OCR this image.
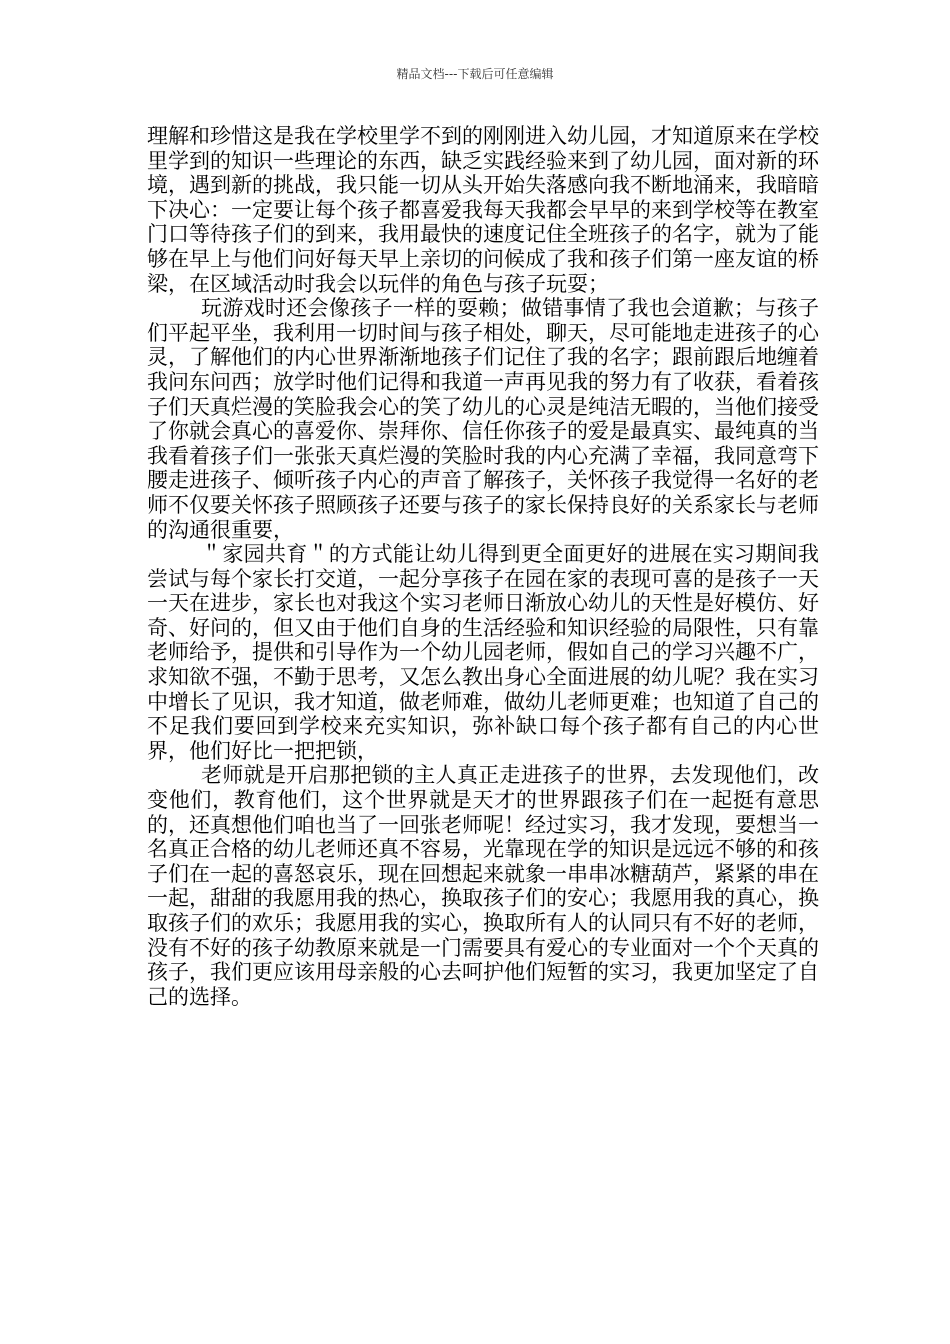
精品文档---下载后可任意编辑

理解和珍惜这是我在学校里学不到的刚刚进入幼儿园，才知道原来在学校里学到的知识一些理论的东西，缺乏实践经验来到了幼儿园，面对新的环境，遇到新的挑战，我只能一切从头开始失落感向我不断地涌来，我暗暗下决心：一定要让每个孩子都喜爱我每天我都会早早的来到学校等在教室门口等待孩子们的到来，我用最快的速度记住全班孩子的名字，就为了能够在早上与他们问好每天早上亲切的问候成了我和孩子们第一座友谊的桥梁，在区域活动时我会以玩伴的角色与孩子玩耍；

玩游戏时还会像孩子一样的耍赖；做错事情了我也会道歉；与孩子们平起平坐，我利用一切时间与孩子相处，聊天，尽可能地走进孩子的心灵，了解他们的内心世界渐渐地孩子们记住了我的名字；跟前跟后地缠着我问东问西；放学时他们记得和我道一声再见我的努力有了收获，看着孩子们天真烂漫的笑脸我会心的笑了幼儿的心灵是纯洁无暇的，当他们接受了你就会真心的喜爱你、崇拜你、信任你孩子的爱是最真实、最纯真的当我看着孩子们一张张天真烂漫的笑脸时我的内心充满了幸福，我同意弯下腰走进孩子、倾听孩子内心的声音了解孩子，关怀孩子我觉得一名好的老师不仅要关怀孩子照顾孩子还要与孩子的家长保持良好的关系家长与老师的沟通很重要，

＂家园共育＂的方式能让幼儿得到更全面更好的进展在实习期间我尝试与每个家长打交道，一起分享孩子在园在家的表现可喜的是孩子一天一天在进步，家长也对我这个实习老师日渐放心幼儿的天性是好模仿、好奇、好问的，但又由于他们自身的生活经验和知识经验的局限性，只有靠老师给予，提供和引导作为一个幼儿园老师，假如自己的学习兴趣不广，求知欲不强，不勤于思考，又怎么教出身心全面进展的幼儿呢？我在实习中增长了见识，我才知道，做老师难，做幼儿老师更难；也知道了自己的不足我们要回到学校来充实知识，弥补缺口每个孩子都有自己的内心世界，他们好比一把把锁，

老师就是开启那把锁的主人真正走进孩子的世界，去发现他们，改变他们，教育他们，这个世界就是天才的世界跟孩子们在一起挺有意思的，还真想他们咱也当了一回张老师呢！经过实习，我才发现，要想当一名真正合格的幼儿老师还真不容易，光靠现在学的知识是远远不够的和孩子们在一起的喜怒哀乐，现在回想起来就象一串串冰糖葫芦，紧紧的串在一起，甜甜的我愿用我的热心，换取孩子们的安心；我愿用我的真心，换取孩子们的欢乐；我愿用我的实心，换取所有人的认同只有不好的老师，没有不好的孩子幼教原来就是一门需要具有爱心的专业面对一个个天真的孩子，我们更应该用母亲般的心去呵护他们短暂的实习，我更加坚定了自己的选择。
